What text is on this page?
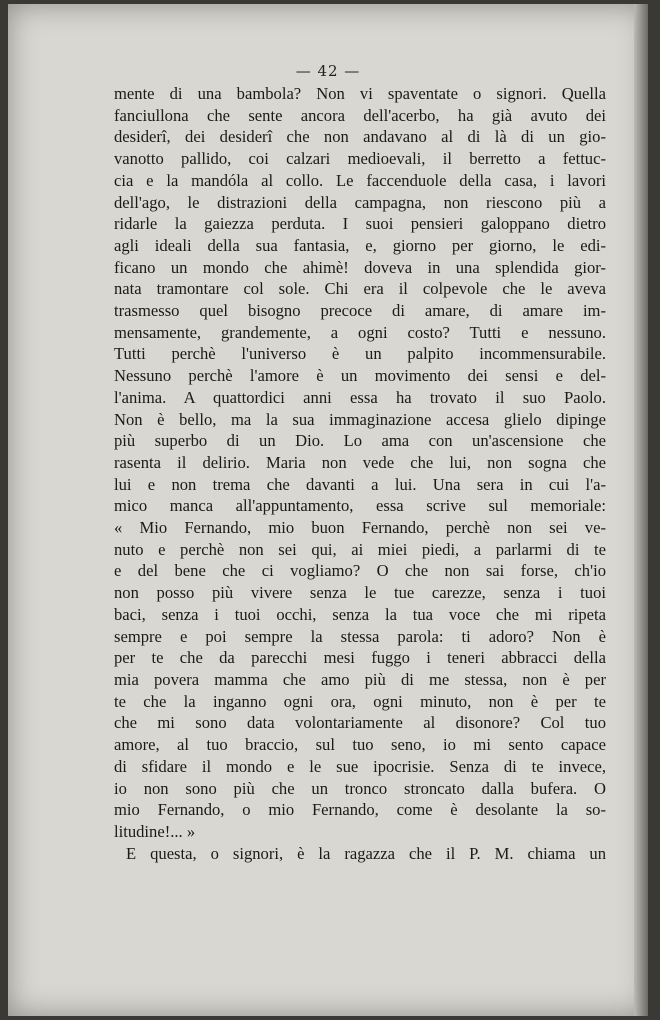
— 42 —
mente di una bambola? Non vi spaventate o signori. Quella
fanciullona che sente ancora dell'acerbo, ha già avuto dei
desiderî, dei desiderî che non andavano al di là di un gio-
vanotto pallido, coi calzari medioevali, il berretto a fettuc-
cia e la mandóla al collo. Le faccenduole della casa, i lavori
dell'ago, le distrazioni della campagna, non riescono più a
ridarle la gaiezza perduta. I suoi pensieri galoppano dietro
agli ideali della sua fantasia, e, giorno per giorno, le edi-
ficano un mondo che ahimè! doveva in una splendida gior-
nata tramontare col sole. Chi era il colpevole che le aveva
trasmesso quel bisogno precoce di amare, di amare im-
mensamente, grandemente, a ogni costo? Tutti e nessuno.
Tutti perchè l'universo è un palpito incommensurabile.
Nessuno perchè l'amore è un movimento dei sensi e del-
l'anima. A quattordici anni essa ha trovato il suo Paolo.
Non è bello, ma la sua immaginazione accesa glielo dipinge
più superbo di un Dio. Lo ama con un'ascensione che
rasenta il delirio. Maria non vede che lui, non sogna che
lui e non trema che davanti a lui. Una sera in cui l'a-
mico manca all'appuntamento, essa scrive sul memoriale:
« Mio Fernando, mio buon Fernando, perchè non sei ve-
nuto e perchè non sei qui, ai miei piedi, a parlarmi di te
e del bene che ci vogliamo? O che non sai forse, ch'io
non posso più vivere senza le tue carezze, senza i tuoi
baci, senza i tuoi occhi, senza la tua voce che mi ripeta
sempre e poi sempre la stessa parola: ti adoro? Non è
per te che da parecchi mesi fuggo i teneri abbracci della
mia povera mamma che amo più di me stessa, non è per
te che la inganno ogni ora, ogni minuto, non è per te
che mi sono data volontariamente al disonore? Col tuo
amore, al tuo braccio, sul tuo seno, io mi sento capace
di sfidare il mondo e le sue ipocrisie. Senza di te invece,
io non sono più che un tronco stroncato dalla bufera. O
mio Fernando, o mio Fernando, come è desolante la so-
litudine!... »
E questa, o signori, è la ragazza che il P. M. chiama un
